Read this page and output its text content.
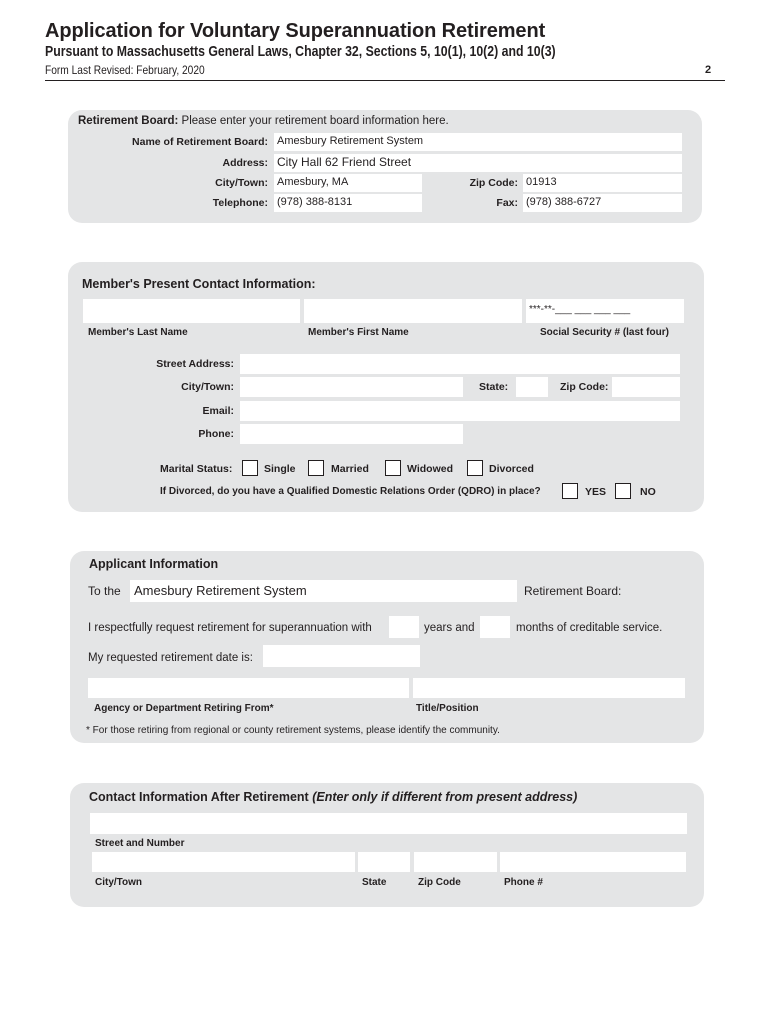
Application for Voluntary Superannuation Retirement
Pursuant to Massachusetts General Laws, Chapter 32, Sections 5, 10(1), 10(2) and 10(3)
Form Last Revised: February, 2020	2
Retirement Board: Please enter your retirement board information here.
Name of Retirement Board: Amesbury Retirement System
Address: City Hall 62 Friend Street
City/Town: Amesbury, MA	Zip Code: 01913
Telephone: (978) 388-8131	Fax: (978) 388-6727
Member's Present Contact Information:
***-**-___ ___ ___ ___
Member's Last Name	Member's First Name	Social Security # (last four)
Street Address:
City/Town:	State:	Zip Code:
Email:
Phone:
Marital Status:	Single	Married	Widowed	Divorced
If Divorced, do you have a Qualified Domestic Relations Order (QDRO) in place?	YES	NO
Applicant Information
To the Amesbury Retirement System	Retirement Board:
I respectfully request retirement for superannuation with	years and	months of creditable service.
My requested retirement date is:
Agency or Department Retiring From*	Title/Position
* For those retiring from regional or county retirement systems, please identify the community.
Contact Information After Retirement (Enter only if different from present address)
Street and Number
City/Town	State	Zip Code	Phone #
